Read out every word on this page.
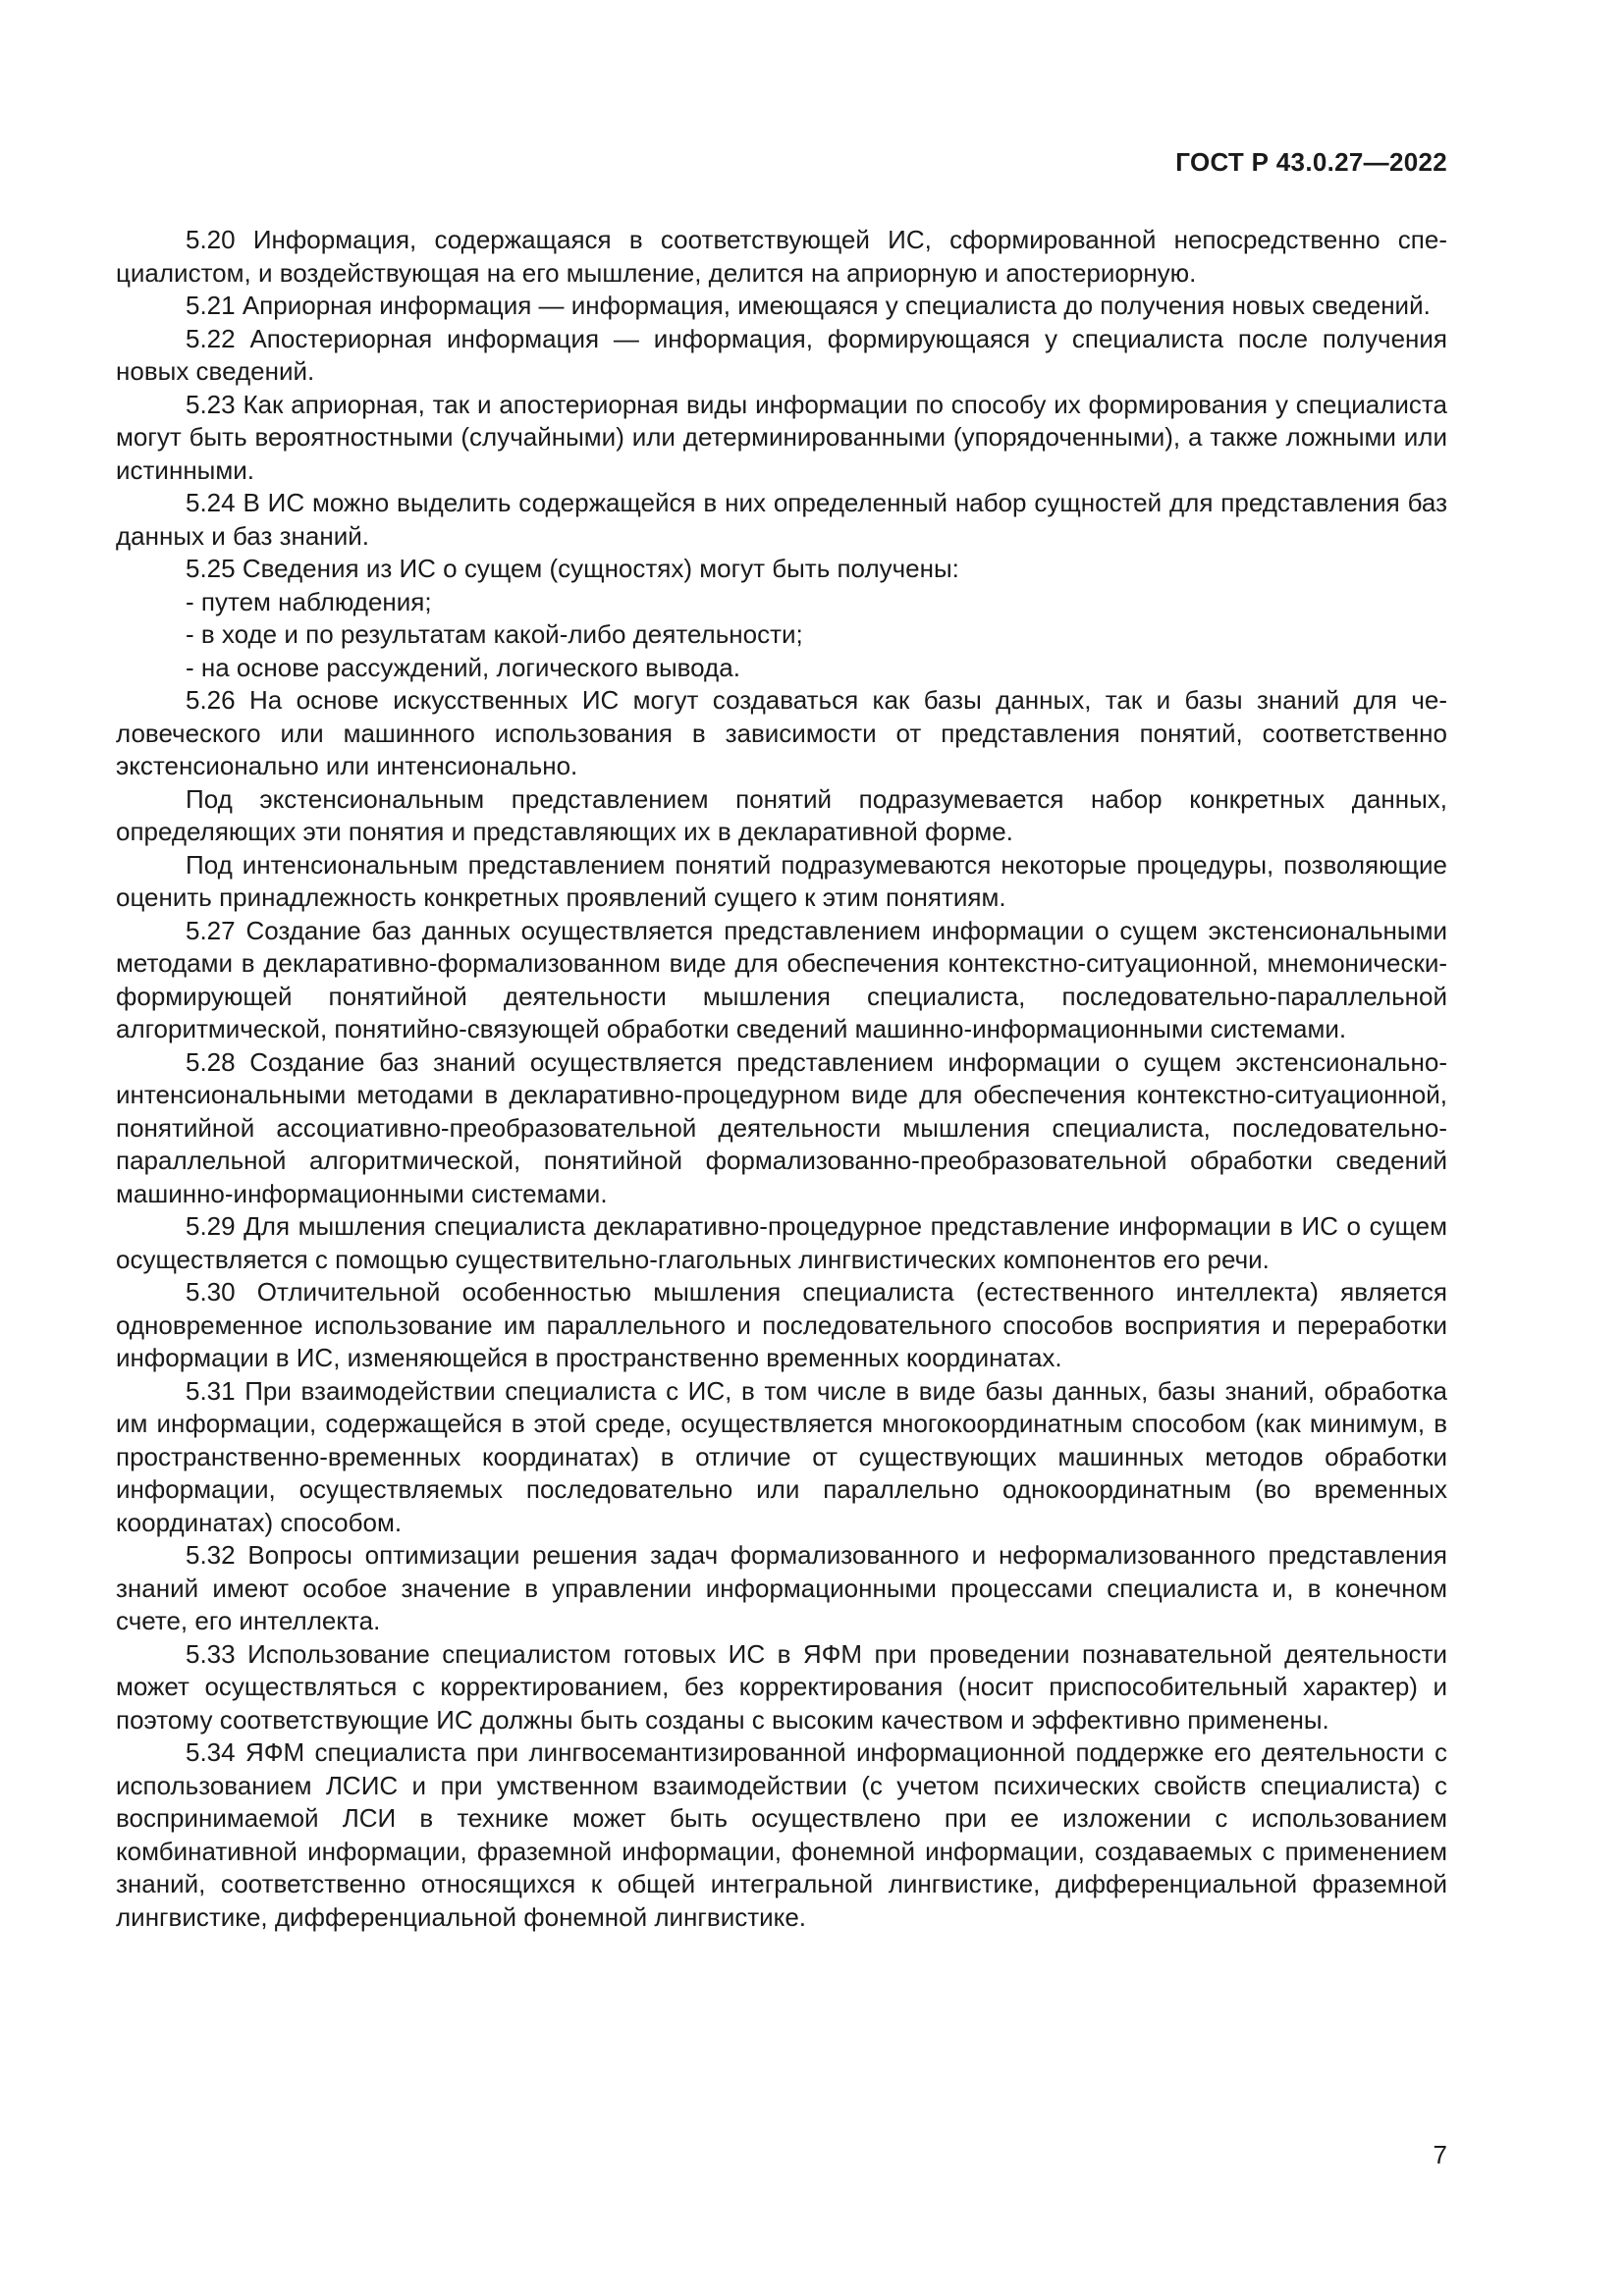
ГОСТ Р 43.0.27—2022

5.20 Информация, содержащаяся в соответствующей ИС, сформированной непосредственно специалистом, и воздействующая на его мышление, делится на априорную и апостериорную.

5.21 Априорная информация — информация, имеющаяся у специалиста до получения новых сведений.

5.22 Апостериорная информация — информация, формирующаяся у специалиста после получения новых сведений.

5.23 Как априорная, так и апостериорная виды информации по способу их формирования у специалиста могут быть вероятностными (случайными) или детерминированными (упорядоченными), а также ложными или истинными.

5.24 В ИС можно выделить содержащейся в них определенный набор сущностей для представления баз данных и баз знаний.

5.25 Сведения из ИС о сущем (сущностях) могут быть получены:

- путем наблюдения;

- в ходе и по результатам какой-либо деятельности;

- на основе рассуждений, логического вывода.

5.26 На основе искусственных ИС могут создаваться как базы данных, так и базы знаний для человеческого или машинного использования в зависимости от представления понятий, соответственно экстенсионально или интенсионально.

Под экстенсиональным представлением понятий подразумевается набор конкретных данных, определяющих эти понятия и представляющих их в декларативной форме.

Под интенсиональным представлением понятий подразумеваются некоторые процедуры, позволяющие оценить принадлежность конкретных проявлений сущего к этим понятиям.

5.27 Создание баз данных осуществляется представлением информации о сущем экстенсиональными методами в декларативно-формализованном виде для обеспечения контекстно-ситуационной, мнемонически-формирующей понятийной деятельности мышления специалиста, последовательно-параллельной алгоритмической, понятийно-связующей обработки сведений машинно-информационными системами.

5.28 Создание баз знаний осуществляется представлением информации о сущем экстенсионально-интенсиональными методами в декларативно-процедурном виде для обеспечения контекстно-ситуационной, понятийной ассоциативно-преобразовательной деятельности мышления специалиста, последовательно-параллельной алгоритмической, понятийной формализованно-преобразовательной обработки сведений машинно-информационными системами.

5.29 Для мышления специалиста декларативно-процедурное представление информации в ИС о сущем осуществляется с помощью существительно-глагольных лингвистических компонентов его речи.

5.30 Отличительной особенностью мышления специалиста (естественного интеллекта) является одновременное использование им параллельного и последовательного способов восприятия и переработки информации в ИС, изменяющейся в пространственно временных координатах.

5.31 При взаимодействии специалиста с ИС, в том числе в виде базы данных, базы знаний, обработка им информации, содержащейся в этой среде, осуществляется многокоординатным способом (как минимум, в пространственно-временных координатах) в отличие от существующих машинных методов обработки информации, осуществляемых последовательно или параллельно однокоординатным (во временных координатах) способом.

5.32 Вопросы оптимизации решения задач формализованного и неформализованного представления знаний имеют особое значение в управлении информационными процессами специалиста и, в конечном счете, его интеллекта.

5.33 Использование специалистом готовых ИС в ЯФМ при проведении познавательной деятельности может осуществляться с корректированием, без корректирования (носит приспособительный характер) и поэтому соответствующие ИС должны быть созданы с высоким качеством и эффективно применены.

5.34 ЯФМ специалиста при лингвосемантизированной информационной поддержке его деятельности с использованием ЛСИС и при умственном взаимодействии (с учетом психических свойств специалиста) с воспринимаемой ЛСИ в технике может быть осуществлено при ее изложении с использованием комбинативной информации, фраземной информации, фонемной информации, создаваемых с применением знаний, соответственно относящихся к общей интегральной лингвистике, дифференциальной фраземной лингвистике, дифференциальной фонемной лингвистике.

7
